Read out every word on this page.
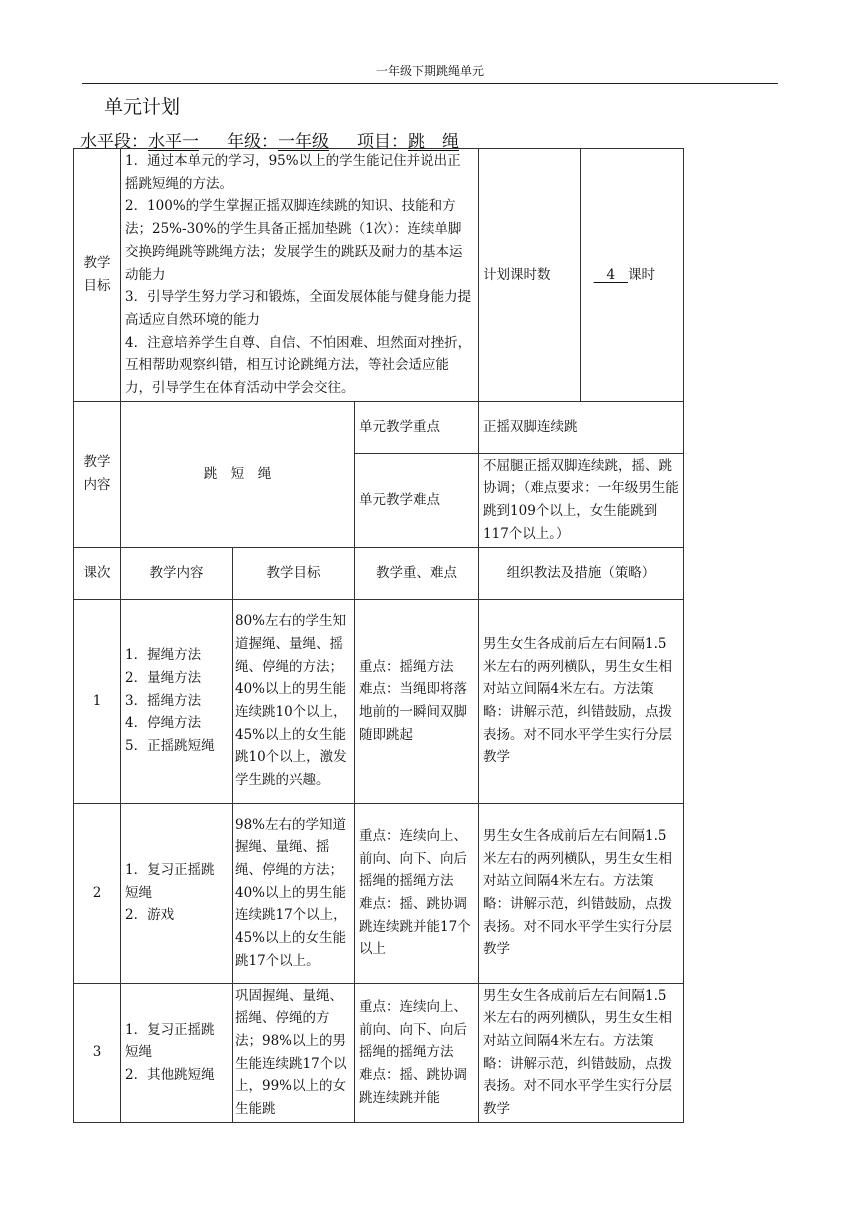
一年级下期跳绳单元
单元计划
水平段：水平一 年级：一年级 项目：跳　绳
教学
目标	1．通过本单元的学习，95%以上的学生能记住并说出正摇跳短绳的方法。
2．100%的学生掌握正摇双脚连续跳的知识、技能和方法；25%-30%的学生具备正摇加垫跳（1次）：连续单脚交换跨绳跳等跳绳方法；发展学生的跳跃及耐力的基本运动能力
3．引导学生努力学习和锻炼，全面发展体能与健身能力提高适应自然环境的能力
4．注意培养学生自尊、自信、不怕困难、坦然面对挫折，互相帮助观察纠错，相互讨论跳绳方法，等社会适应能力，引导学生在体育活动中学会交往。			计划课时数	4 课时
教学
内容	跳　短　绳		单元教学重点	正摇双脚连续跳	
			单元教学难点	不屈腿正摇双脚连续跳，摇、跳协调；（难点要求：一年级男生能跳到109个以上，女生能跳到117个以上。）	
课次	教学内容	教学目标	教学重、难点	组织教法及措施（策略）	
1	1．握绳方法
2．量绳方法
3．摇绳方法
4．停绳方法
5．正摇跳短绳	80%左右的学生知道握绳、量绳、摇绳、停绳的方法；40%以上的男生能连续跳10个以上，45%以上的女生能跳10个以上，激发学生跳的兴趣。	重点：摇绳方法
难点：当绳即将落地前的一瞬间双脚随即跳起	男生女生各成前后左右间隔1.5米左右的两列横队，男生女生相对站立间隔4米左右。方法策略：讲解示范，纠错鼓励，点拨表扬。对不同水平学生实行分层教学	
2	1．复习正摇跳短绳
2．游戏	98%左右的学知道握绳、量绳、摇绳、停绳的方法；40%以上的男生能连续跳17个以上，45%以上的女生能跳17个以上。	重点：连续向上、前向、向下、向后摇绳的摇绳方法
难点：摇、跳协调跳连续跳并能17个以上	男生女生各成前后左右间隔1.5米左右的两列横队，男生女生相对站立间隔4米左右。方法策略：讲解示范，纠错鼓励，点拨表扬。对不同水平学生实行分层教学	
3	1．复习正摇跳短绳
2．其他跳短绳	巩固握绳、量绳、摇绳、停绳的方法；98%以上的男生能连续跳17个以上，99%以上的女生能跳	重点：连续向上、前向、向下、向后摇绳的摇绳方法
难点：摇、跳协调跳连续跳并能	男生女生各成前后左右间隔1.5米左右的两列横队，男生女生相对站立间隔4米左右。方法策略：讲解示范，纠错鼓励，点拨表扬。对不同水平学生实行分层教学	
